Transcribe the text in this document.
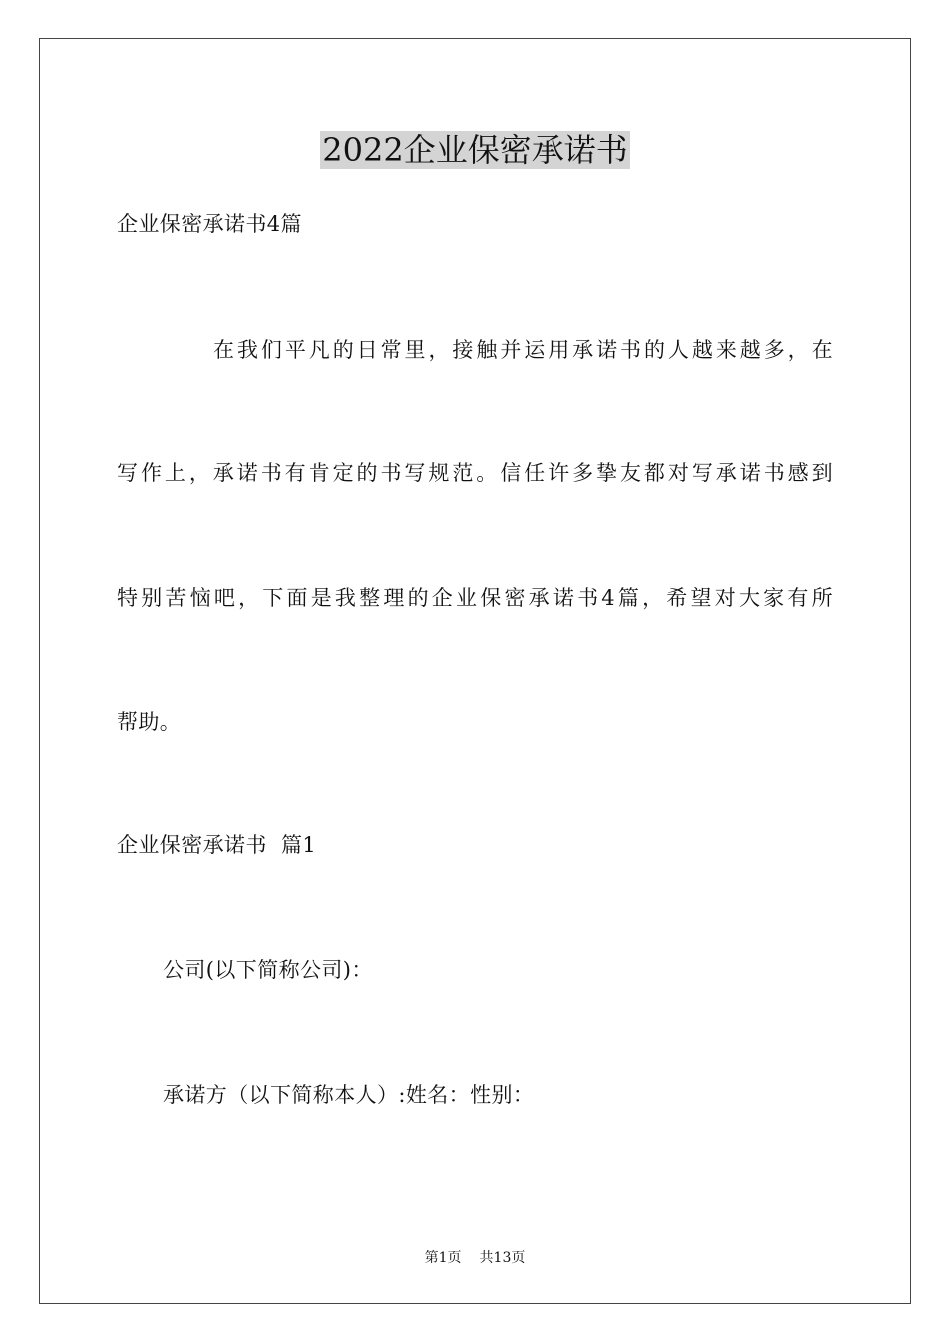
2022企业保密承诺书
企业保密承诺书4篇
在我们平凡的日常里，接触并运用承诺书的人越来越多，在
写作上，承诺书有肯定的书写规范。信任许多挚友都对写承诺书感到
特别苦恼吧，下面是我整理的企业保密承诺书4篇，希望对大家有所
帮助。
企业保密承诺书  篇1
公司(以下简称公司)：
承诺方（以下简称本人）:姓名：性别：
第1页 共13页
